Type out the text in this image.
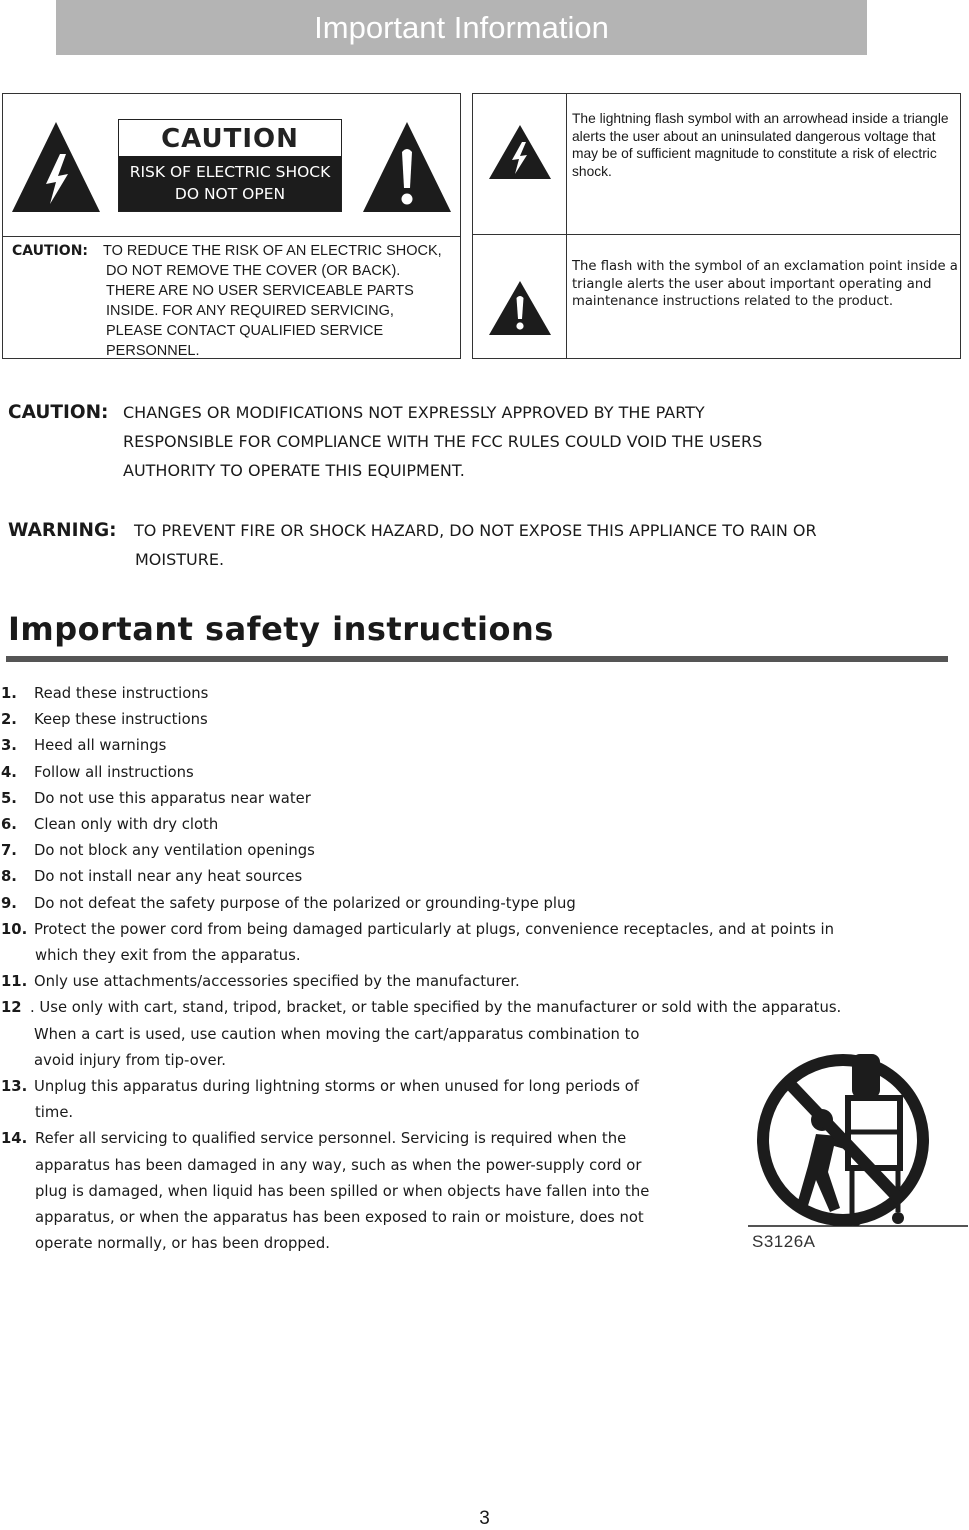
Important Information
CAUTION
RISK OF ELECTRIC SHOCK
DO NOT OPEN
CAUTION: TO REDUCE THE RISK OF AN ELECTRIC SHOCK,
DO NOT REMOVE THE COVER (OR BACK).
THERE ARE NO USER SERVICEABLE PARTS
INSIDE. FOR ANY REQUIRED SERVICING,
PLEASE CONTACT QUALIFIED SERVICE
PERSONNEL.
The lightning flash symbol with an arrowhead inside a triangle alerts the user about an uninsulated dangerous voltage that may be of sufficient magnitude to constitute a risk of electric shock.
The flash with the symbol of an exclamation point inside a triangle alerts the user about important operating and maintenance instructions related to the product.
CAUTION: CHANGES OR MODIFICATIONS NOT EXPRESSLY APPROVED BY THE PARTY
RESPONSIBLE FOR COMPLIANCE WITH THE FCC RULES COULD VOID THE USERS
AUTHORITY TO OPERATE THIS EQUIPMENT.
WARNING: TO PREVENT FIRE OR SHOCK HAZARD, DO NOT EXPOSE THIS APPLIANCE TO RAIN OR
MOISTURE.
Important safety instructions
1. Read these instructions
2. Keep these instructions
3. Heed all warnings
4. Follow all instructions
5. Do not use this apparatus near water
6. Clean only with dry cloth
7. Do not block any ventilation openings
8. Do not install near any heat sources
9. Do not defeat the safety purpose of the polarized or grounding-type plug
10. Protect the power cord from being damaged particularly at plugs, convenience receptacles, and at points in
which they exit from the apparatus.
11. Only use attachments/accessories specified by the manufacturer.
12 . Use only with cart, stand, tripod, bracket, or table specified by the manufacturer or sold with the apparatus.
When a cart is used, use caution when moving the cart/apparatus combination to
avoid injury from tip-over.
13. Unplug this apparatus during lightning storms or when unused for long periods of
time.
14. Refer all servicing to qualified service personnel. Servicing is required when the
apparatus has been damaged in any way, such as when the power-supply cord or
plug is damaged, when liquid has been spilled or when objects have fallen into the
apparatus, or when the apparatus has been exposed to rain or moisture, does not
operate normally, or has been dropped.	S3126A
3
